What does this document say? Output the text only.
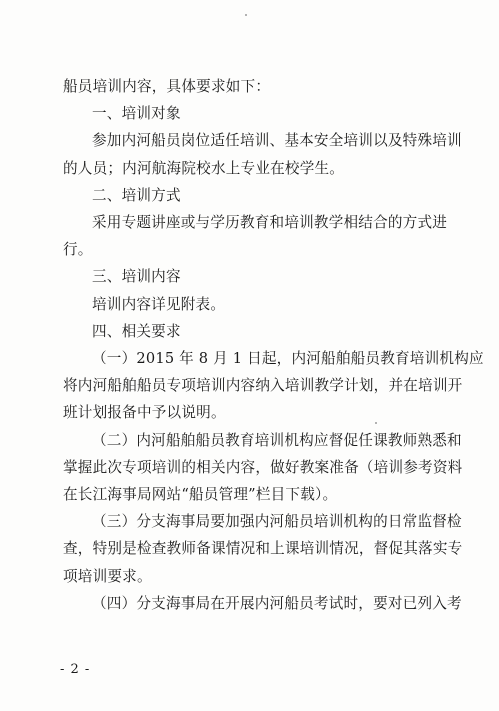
船员培训内容，具体要求如下：
一、培训对象
参加内河船员岗位适任培训、基本安全培训以及特殊培训
的人员；内河航海院校水上专业在校学生。
二、培训方式
采用专题讲座或与学历教育和培训教学相结合的方式进
行。
三、培训内容
培训内容详见附表。
四、相关要求
（一）2015 年 8 月 1 日起，内河船舶船员教育培训机构应
将内河船舶船员专项培训内容纳入培训教学计划，并在培训开
班计划报备中予以说明。
（二）内河船舶船员教育培训机构应督促任课教师熟悉和
掌握此次专项培训的相关内容，做好教案准备（培训参考资料
在长江海事局网站“船员管理”栏目下载）。
（三）分支海事局要加强内河船员培训机构的日常监督检
查，特别是检查教师备课情况和上课培训情况，督促其落实专
项培训要求。
（四）分支海事局在开展内河船员考试时，要对已列入考
- 2 -
